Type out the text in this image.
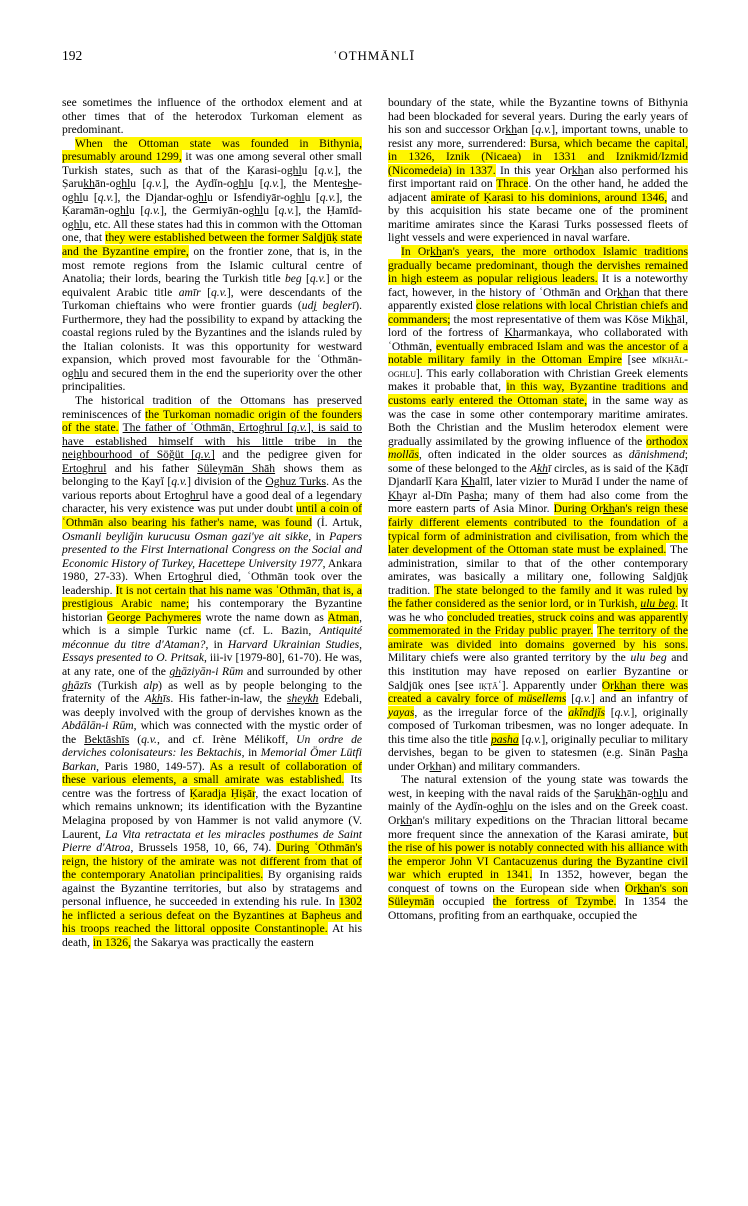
192	ʿOTHMĀNLĪ

see sometimes the influence of the orthodox element and at other times that of the heterodox Turkoman element as predominant.

When the Ottoman state was founded in Bithynia, presumably around 1299, it was one among several other small Turkish states, such as that of the Ḳarasi-oghlu [q.v.], the Ṣarukhān-oghlu [q.v.], the Aydĭn-oghlu [q.v.], the Menteshe-oghlu [q.v.], the Djandar-oghlu or Isfendiyār-oghlu [q.v.], the Ḳaramān-oghlu [q.v.], the Germiyān-oghlu [q.v.], the Ḥamīd-oghlu, etc. All these states had this in common with the Ottoman one, that they were established between the former Salḏjūḳ state and the Byzantine empire, on the frontier zone, that is, in the most remote regions from the Islamic cultural centre of Anatolia; their lords, bearing the Turkish title beg [q.v.] or the equivalent Arabic title amīr [q.v.], were descendants of the Turkoman chieftains who were frontier guards (udj beglerī). Furthermore, they had the possibility to expand by attacking the coastal regions ruled by the Byzantines and the islands ruled by the Italian colonists. It was this opportunity for westward expansion, which proved most favourable for the ʿOthmān-oghlu and secured them in the end the superiority over the other principalities.

The historical tradition of the Ottomans has preserved reminiscences of the Turkoman nomadic origin of the founders of the state. The father of ʿOthmān, Ertoghrul [q.v.], is said to have established himself with his little tribe in the neighbourhood of Söğüt [q.v.] and the pedigree given for Ertoghrul and his father Süleymān Shāh shows them as belonging to the Ḳayĭ [q.v.] division of the Oghuz Turks. As the various reports about Ertoghrul have a good deal of a legendary character, his very existence was put under doubt until a coin of ʿOthmān also bearing his father's name, was found (İ. Artuk, Osmanli beyliğin kurucusu Osman gazi'ye ait sikke, in Papers presented to the First International Congress on the Social and Economic History of Turkey, Hacettepe University 1977, Ankara 1980, 27-33). When Ertoghrul died, ʿOthmān took over the leadership. It is not certain that his name was ʿOthmān, that is, a prestigious Arabic name; his contemporary the Byzantine historian George Pachymeres wrote the name down as Atman, which is a simple Turkic name (cf. L. Bazin, Antiquité méconnue du titre d'Ataman?, in Harvard Ukrainian Studies, Essays presented to O. Pritsak, iii-iv [1979-80], 61-70). He was, at any rate, one of the ghāziyān-i Rūm and surrounded by other ghāzīs (Turkish alp) as well as by people belonging to the fraternity of the Akhīs. His father-in-law, the sheykh Edebali, was deeply involved with the group of dervishes known as the Abdālān-i Rūm, which was connected with the mystic order of the Bektāshīs (q.v., and cf. Irène Mélikoff, Un ordre de derviches colonisateurs: les Bektachis, in Memorial Ömer Lütfi Barkan, Paris 1980, 149-57). As a result of collaboration of these various elements, a small amirate was established. Its centre was the fortress of Ḳaradja Ḥiṣār, the exact location of which remains unknown; its identification with the Byzantine Melagina proposed by von Hammer is not valid anymore (V. Laurent, La Vita retractata et les miracles posthumes de Saint Pierre d'Atroa, Brussels 1958, 10, 66, 74). During ʿOthmān's reign, the history of the amirate was not different from that of the contemporary Anatolian principalities. By organising raids against the Byzantine territories, but also by stratagems and personal influence, he succeeded in extending his rule. In 1302 he inflicted a serious defeat on the Byzantines at Bapheus and his troops reached the littoral opposite Constantinople. At his death, in 1326, the Sakarya was practically the eastern

boundary of the state, while the Byzantine towns of Bithynia had been blockaded for several years. During the early years of his son and successor Orkhan [q.v.], important towns, unable to resist any more, surrendered: Bursa, which became the capital, in 1326, Iznik (Nicaea) in 1331 and Iznikmid/Izmid (Nicomedeia) in 1337. In this year Orkhan also performed his first important raid on Thrace. On the other hand, he added the adjacent amirate of Ḳarasi to his dominions, around 1346, and by this acquisition his state became one of the prominent maritime amirates since the Ḳarasi Turks possessed fleets of light vessels and were experienced in naval warfare.

In Orkhan's years, the more orthodox Islamic traditions gradually became predominant, though the dervishes remained in high esteem as popular religious leaders. It is a noteworthy fact, however, in the history of ʿOthmān and Orkhan that there apparently existed close relations with local Christian chiefs and commanders; the most representative of them was Köse Mikhāl, lord of the fortress of Kharmankaya, who collaborated with ʿOthmān, eventually embraced Islam and was the ancestor of a notable military family in the Ottoman Empire [see mīkhāl-oghlu]. This early collaboration with Christian Greek elements makes it probable that, in this way, Byzantine traditions and customs early entered the Ottoman state, in the same way as was the case in some other contemporary maritime amirates. Both the Christian and the Muslim heterodox element were gradually assimilated by the growing influence of the orthodox mollās, often indicated in the older sources as dānishmend; some of these belonged to the Akhī circles, as is said of the Ḳāḍī Djandarlĭ Ḳara Khalīl, later vizier to Murād I under the name of Khayr al-Dīn Pasha; many of them had also come from the more eastern parts of Asia Minor. During Orkhan's reign these fairly different elements contributed to the foundation of a typical form of administration and civilisation, from which the later development of the Ottoman state must be explained. The administration, similar to that of the other contemporary amirates, was basically a military one, following Salḏjūḳ tradition. The state belonged to the family and it was ruled by the father considered as the senior lord, or in Turkish, ulu beg. It was he who concluded treaties, struck coins and was apparently commemorated in the Friday public prayer. The territory of the amirate was divided into domains governed by his sons. Military chiefs were also granted territory by the ulu beg and this institution may have reposed on earlier Byzantine or Salḏjūḳ ones [see iḳṭāʿ]. Apparently under Orkhan there was created a cavalry force of müsellems [q.v.] and an infantry of yayas, as the irregular force of the akĭndjĭs [q.v.], originally composed of Turkoman tribesmen, was no longer adequate. In this time also the title pasha [q.v.], originally peculiar to military dervishes, began to be given to statesmen (e.g. Sinān Pasha under Orkhan) and military commanders.

The natural extension of the young state was towards the west, in keeping with the naval raids of the Ṣarukhān-oghlu and mainly of the Aydĭn-oghlu on the isles and on the Greek coast. Orkhan's military expeditions on the Thracian littoral became more frequent since the annexation of the Ḳarasi amirate, but the rise of his power is notably connected with his alliance with the emperor John VI Cantacuzenus during the Byzantine civil war which erupted in 1341. In 1352, however, began the conquest of towns on the European side when Orkhan's son Süleymān occupied the fortress of Tzymbe. In 1354 the Ottomans, profiting from an earthquake, occupied the
